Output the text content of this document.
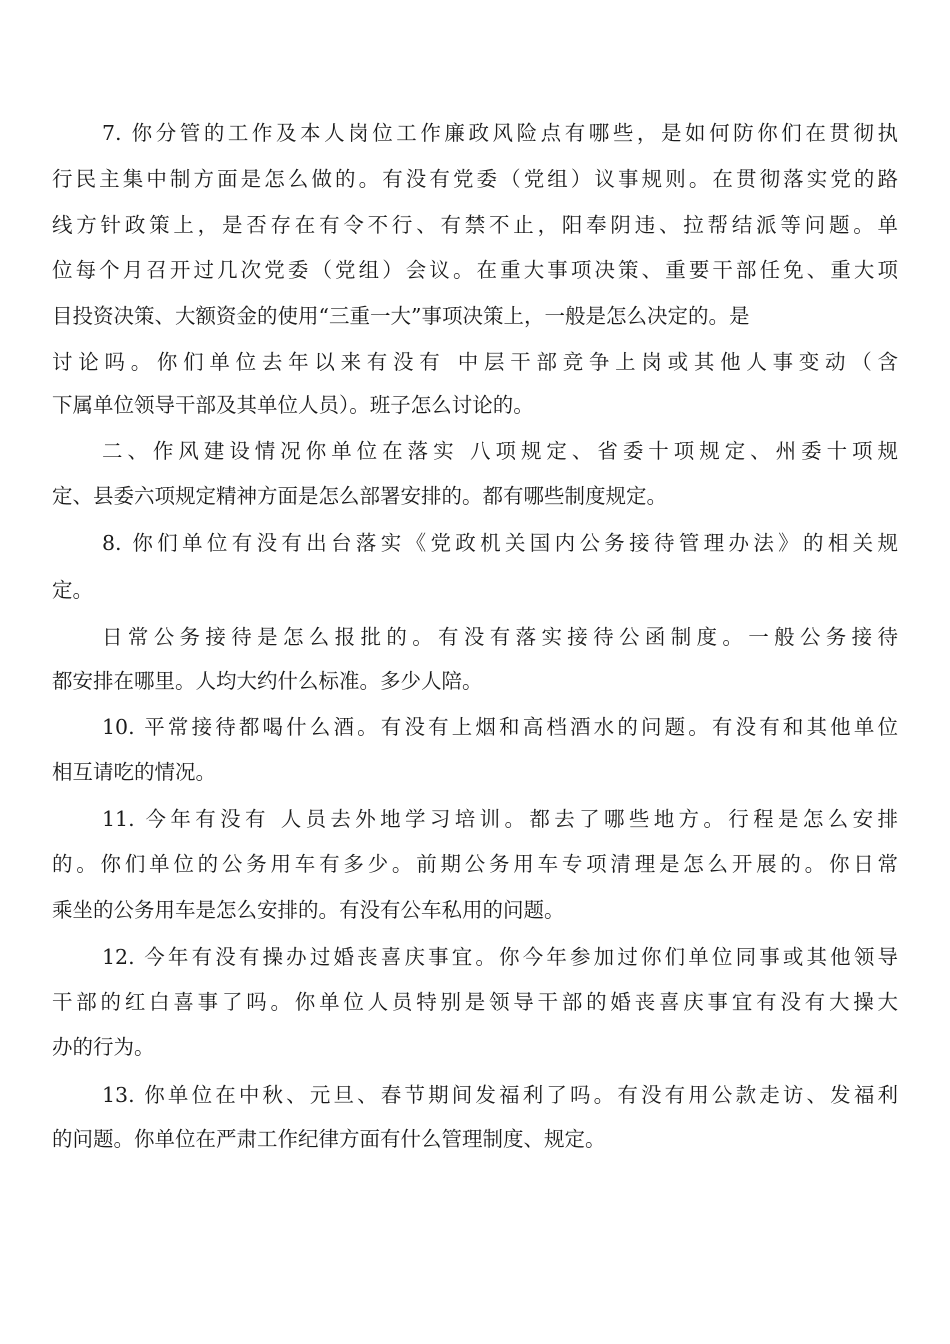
7. 你分管的工作及本人岗位工作廉政风险点有哪些，是如何防你们在贯彻执
行民主集中制方面是怎么做的。有没有党委（党组）议事规则。在贯彻落实党的路
线方针政策上，是否存在有令不行、有禁不止，阳奉阴违、拉帮结派等问题。单
位每个月召开过几次党委（党组）会议。在重大事项决策、重要干部任免、重大项
目投资决策、大额资金的使用“三重一大”事项决策上，一般是怎么决定的。是
讨论吗。你们单位去年以来有没有 中层干部竞争上岗或其他人事变动（含
下属单位领导干部及其单位人员）。班子怎么讨论的。
二、作风建设情况你单位在落实 八项规定、省委十项规定、州委十项规
定、县委六项规定精神方面是怎么部署安排的。都有哪些制度规定。
8. 你们单位有没有出台落实《党政机关国内公务接待管理办法》的相关规
定。
日常公务接待是怎么报批的。有没有落实接待公函制度。一般公务接待
都安排在哪里。人均大约什么标准。多少人陪。
10. 平常接待都喝什么酒。有没有上烟和高档酒水的问题。有没有和其他单位
相互请吃的情况。
11. 今年有没有 人员去外地学习培训。都去了哪些地方。行程是怎么安排
的。你们单位的公务用车有多少。前期公务用车专项清理是怎么开展的。你日常
乘坐的公务用车是怎么安排的。有没有公车私用的问题。
12. 今年有没有操办过婚丧喜庆事宜。你今年参加过你们单位同事或其他领导
干部的红白喜事了吗。你单位人员特别是领导干部的婚丧喜庆事宜有没有大操大
办的行为。
13. 你单位在中秋、元旦、春节期间发福利了吗。有没有用公款走访、发福利
的问题。你单位在严肃工作纪律方面有什么管理制度、规定。
